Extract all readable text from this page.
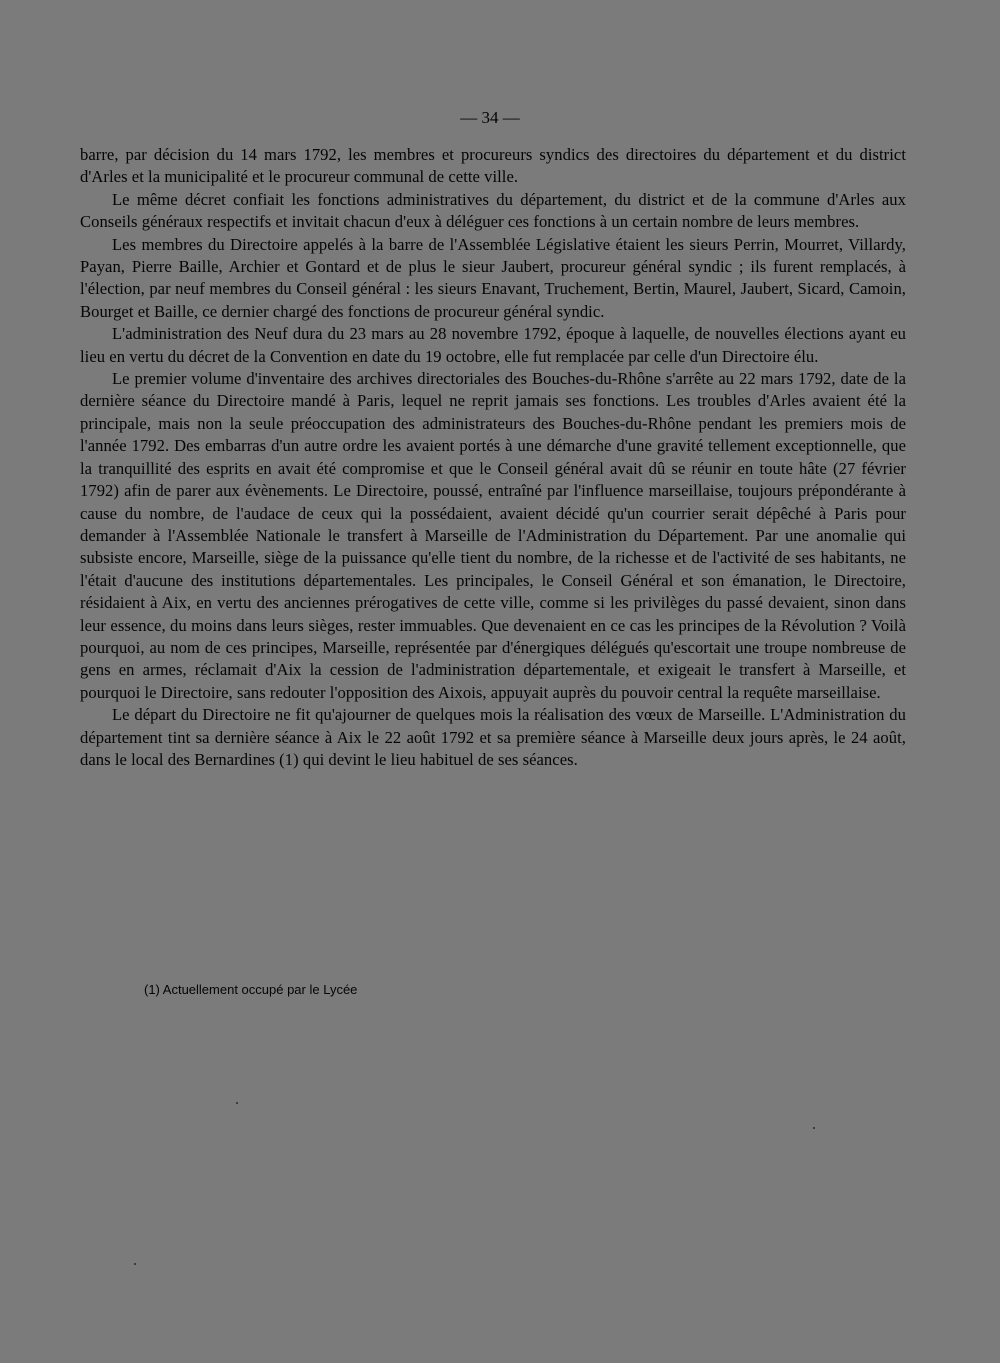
— 34 —

barre, par décision du 14 mars 1792, les membres et procureurs syndics des directoires du département et du district d'Arles et la municipalité et le procureur communal de cette ville.

Le même décret confiait les fonctions administratives du département, du district et de la commune d'Arles aux Conseils généraux respectifs et invitait chacun d'eux à déléguer ces fonctions à un certain nombre de leurs membres.

Les membres du Directoire appelés à la barre de l'Assemblée Législative étaient les sieurs Perrin, Mourret, Villardy, Payan, Pierre Baille, Archier et Gontard et de plus le sieur Jaubert, procureur général syndic ; ils furent remplacés, à l'élection, par neuf membres du Conseil général : les sieurs Enavant, Truchement, Bertin, Maurel, Jaubert, Sicard, Camoin, Bourget et Baille, ce dernier chargé des fonctions de procureur général syndic.

L'administration des Neuf dura du 23 mars au 28 novembre 1792, époque à laquelle, de nouvelles élections ayant eu lieu en vertu du décret de la Convention en date du 19 octobre, elle fut remplacée par celle d'un Directoire élu.

Le premier volume d'inventaire des archives directoriales des Bouches-du-Rhône s'arrête au 22 mars 1792, date de la dernière séance du Directoire mandé à Paris, lequel ne reprit jamais ses fonctions. Les troubles d'Arles avaient été la principale, mais non la seule préoccupation des administrateurs des Bouches-du-Rhône pendant les premiers mois de l'année 1792. Des embarras d'un autre ordre les avaient portés à une démarche d'une gravité tellement exceptionnelle, que la tranquillité des esprits en avait été compromise et que le Conseil général avait dû se réunir en toute hâte (27 février 1792) afin de parer aux évènements. Le Directoire, poussé, entraîné par l'influence marseillaise, toujours prépondérante à cause du nombre, de l'audace de ceux qui la possédaient, avaient décidé qu'un courrier serait dépêché à Paris pour demander à l'Assemblée Nationale le transfert à Marseille de l'Administration du Département. Par une anomalie qui subsiste encore, Marseille, siège de la puissance qu'elle tient du nombre, de la richesse et de l'activité de ses habitants, ne l'était d'aucune des institutions départementales. Les principales, le Conseil Général et son émanation, le Directoire, résidaient à Aix, en vertu des anciennes prérogatives de cette ville, comme si les privilèges du passé devaient, sinon dans leur essence, du moins dans leurs sièges, rester immuables. Que devenaient en ce cas les principes de la Révolution ? Voilà pourquoi, au nom de ces principes, Marseille, représentée par d'énergiques délégués qu'escortait une troupe nombreuse de gens en armes, réclamait d'Aix la cession de l'administration départementale, et exigeait le transfert à Marseille, et pourquoi le Directoire, sans redouter l'opposition des Aixois, appuyait auprès du pouvoir central la requête marseillaise.

Le départ du Directoire ne fit qu'ajourner de quelques mois la réalisation des vœux de Marseille. L'Administration du département tint sa dernière séance à Aix le 22 août 1792 et sa première séance à Marseille deux jours après, le 24 août, dans le local des Bernardines (1) qui devint le lieu habituel de ses séances.

(1) Actuellement occupé par le Lycée
